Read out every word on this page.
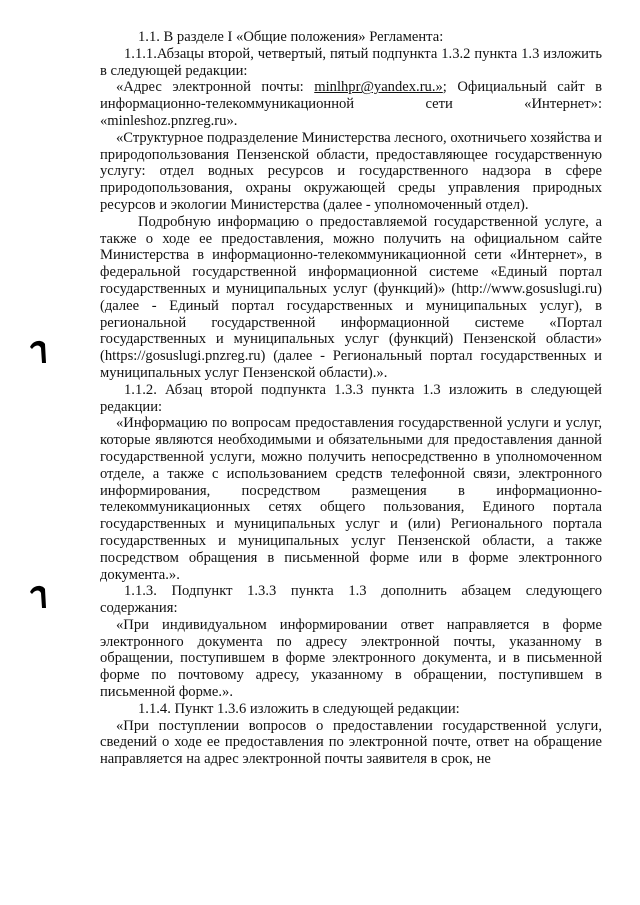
1.1. В разделе I «Общие положения» Регламента:

1.1.1.Абзацы второй, четвертый, пятый подпункта 1.3.2 пункта 1.3 изложить в следующей редакции:

«Адрес электронной почты: minlhpr@yandex.ru.»; Официальный сайт в информационно-телекоммуникационной сети «Интернет»: «minleshoz.pnzreg.ru».

«Структурное подразделение Министерства лесного, охотничьего хозяйства и природопользования Пензенской области, предоставляющее государственную услугу: отдел водных ресурсов и государственного надзора в сфере природопользования, охраны окружающей среды управления природных ресурсов и экологии Министерства (далее - уполномоченный отдел).

Подробную информацию о предоставляемой государственной услуге, а также о ходе ее предоставления, можно получить на официальном сайте Министерства в информационно-телекоммуникационной сети «Интернет», в федеральной государственной информационной системе «Единый портал государственных и муниципальных услуг (функций)» (http://www.gosuslugi.ru) (далее - Единый портал государственных и муниципальных услуг), в региональной государственной информационной системе «Портал государственных и муниципальных услуг (функций) Пензенской области» (https://gosuslugi.pnzreg.ru) (далее - Региональный портал государственных и муниципальных услуг Пензенской области).».

1.1.2. Абзац второй подпункта 1.3.3 пункта 1.3 изложить в следующей редакции:

«Информацию по вопросам предоставления государственной услуги и услуг, которые являются необходимыми и обязательными для предоставления данной государственной услуги, можно получить непосредственно в уполномоченном отделе, а также с использованием средств телефонной связи, электронного информирования, посредством размещения в информационно-телекоммуникационных сетях общего пользования, Единого портала государственных и муниципальных услуг и (или) Регионального портала государственных и муниципальных услуг Пензенской области, а также посредством обращения в письменной форме или в форме электронного документа.».

1.1.3. Подпункт 1.3.3 пункта 1.3 дополнить абзацем следующего содержания:

«При индивидуальном информировании ответ направляется в форме электронного документа по адресу электронной почты, указанному в обращении, поступившем в форме электронного документа, и в письменной форме по почтовому адресу, указанному в обращении, поступившем в письменной форме.».

1.1.4. Пункт 1.3.6 изложить в следующей редакции:

«При поступлении вопросов о предоставлении государственной услуги, сведений о ходе ее предоставления по электронной почте, ответ на обращение направляется на адрес электронной почты заявителя в срок, не
